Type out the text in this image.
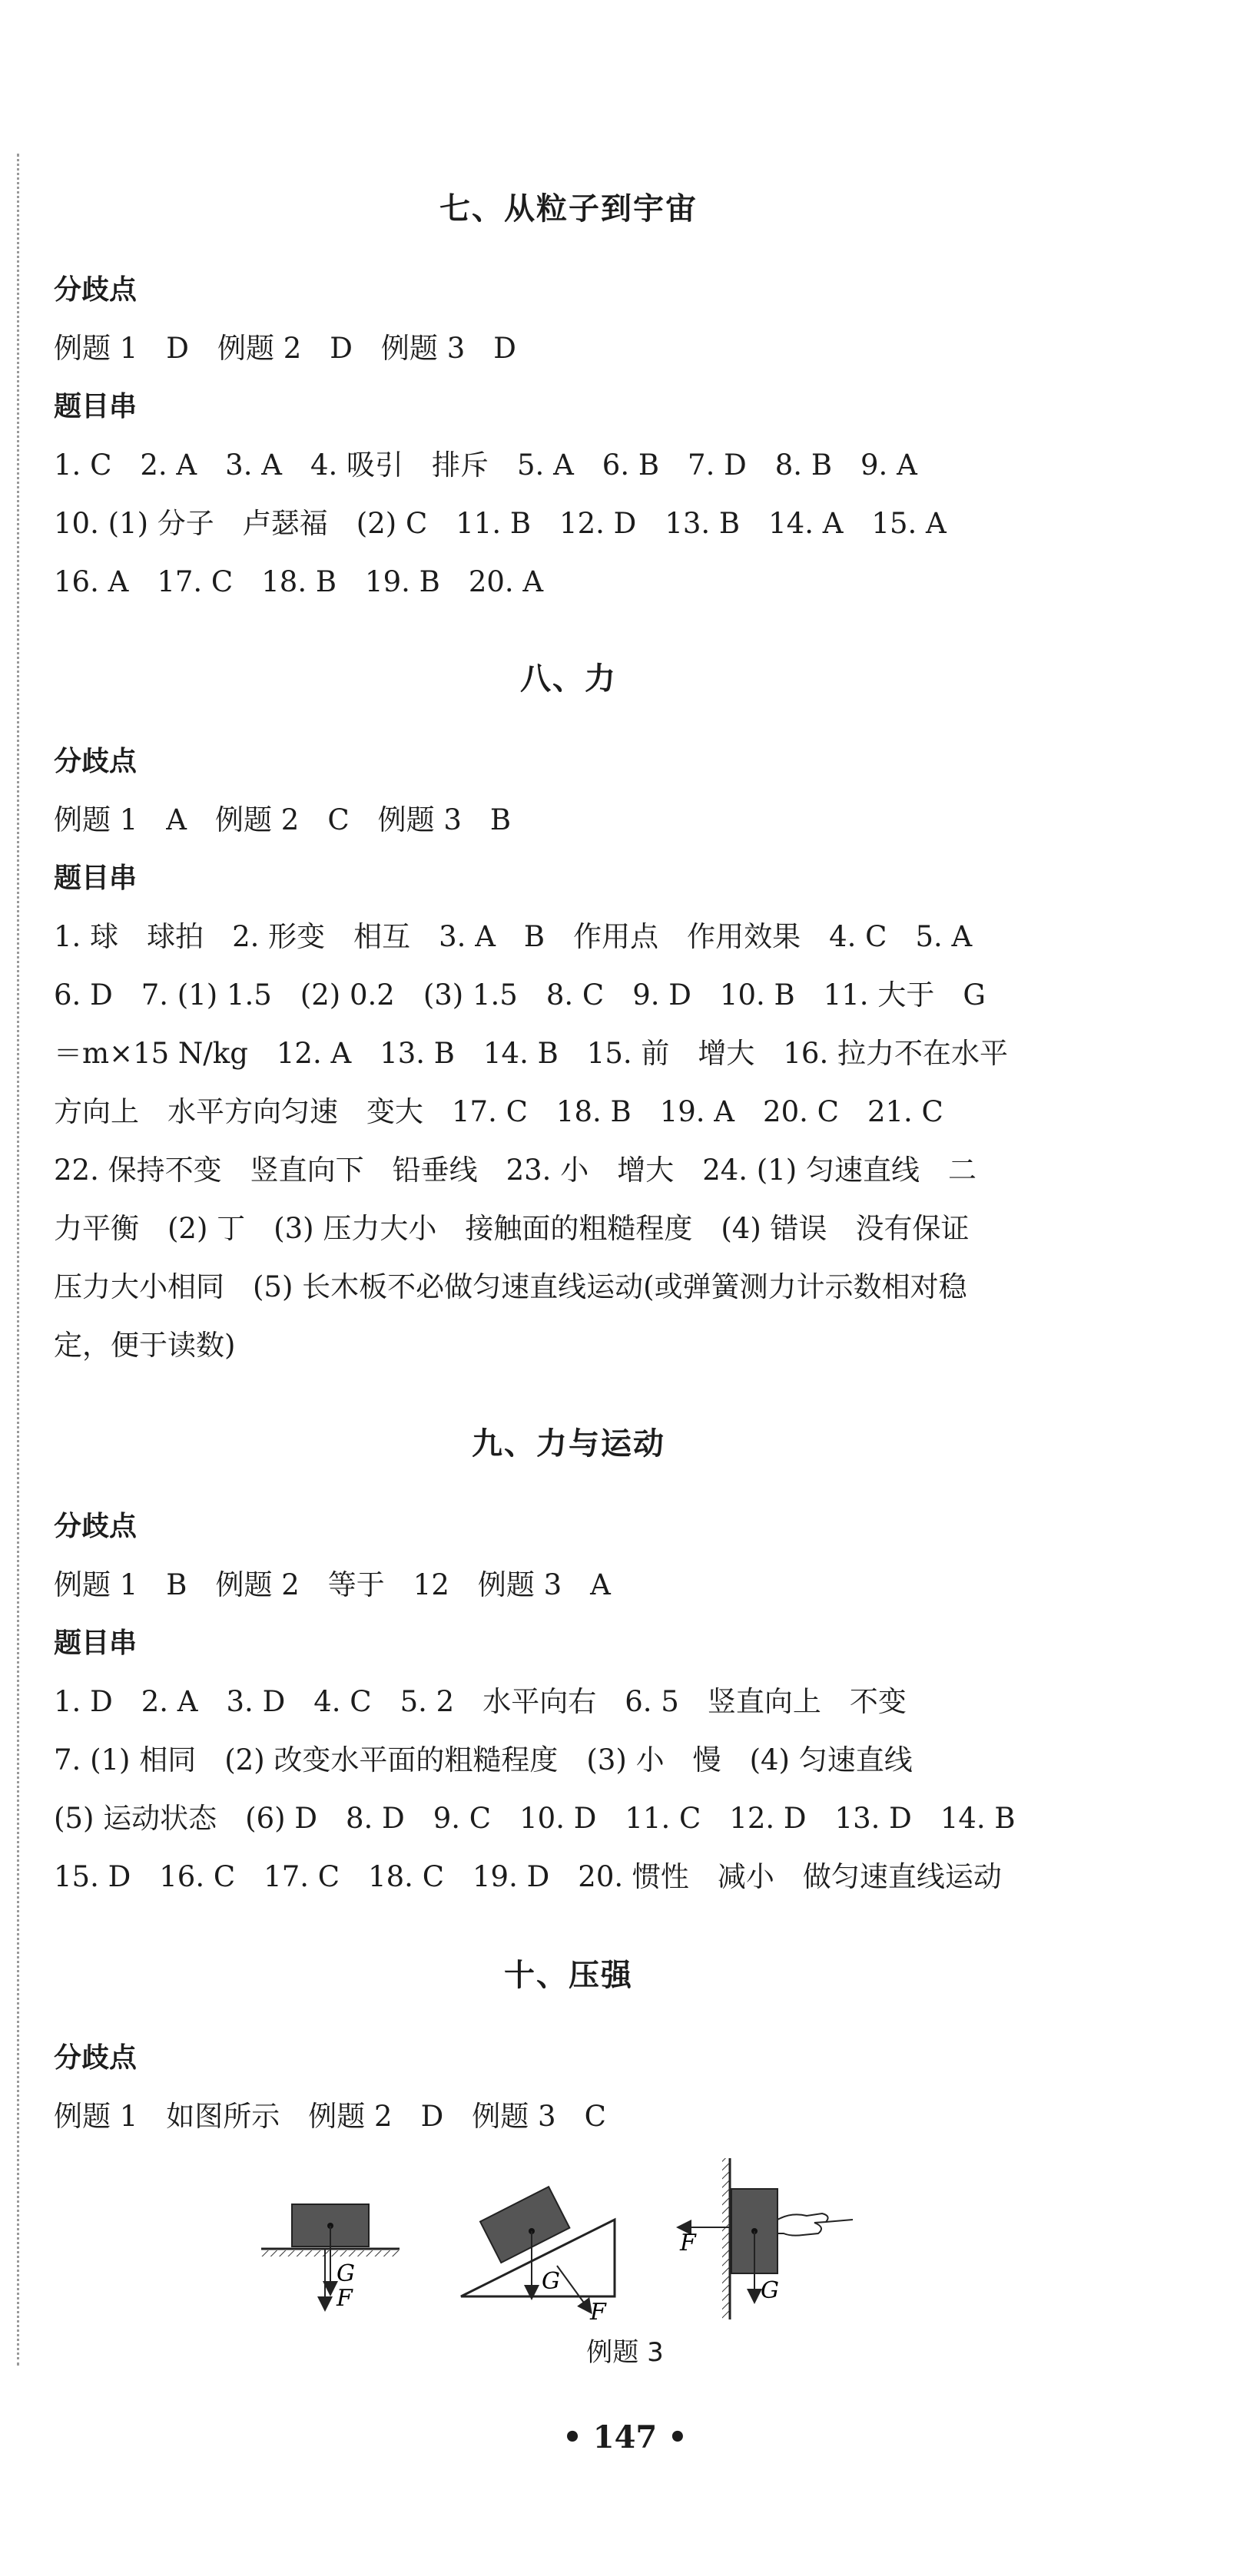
七、从粒子到宇宙
分歧点
例题 1　D　例题 2　D　例题 3　D
题目串
1. C　2. A　3. A　4. 吸引　排斥　5. A　6. B　7. D　8. B　9. A
10. (1) 分子　卢瑟福　(2) C　11. B　12. D　13. B　14. A　15. A
16. A　17. C　18. B　19. B　20. A
八、力
分歧点
例题 1　A　例题 2　C　例题 3　B
题目串
1. 球　球拍　2. 形变　相互　3. A　B　作用点　作用效果　4. C　5. A
6. D　7. (1) 1.5　(2) 0.2　(3) 1.5　8. C　9. D　10. B　11. 大于　G
＝m×15 N/kg　12. A　13. B　14. B　15. 前　增大　16. 拉力不在水平
方向上　水平方向匀速　变大　17. C　18. B　19. A　20. C　21. C
22. 保持不变　竖直向下　铅垂线　23. 小　增大　24. (1) 匀速直线　二
力平衡　(2) 丁　(3) 压力大小　接触面的粗糙程度　(4) 错误　没有保证
压力大小相同　(5) 长木板不必做匀速直线运动(或弹簧测力计示数相对稳
定，便于读数)
九、力与运动
分歧点
例题 1　B　例题 2　等于　12　例题 3　A
题目串
1. D　2. A　3. D　4. C　5. 2　水平向右　6. 5　竖直向上　不变
7. (1) 相同　(2) 改变水平面的粗糙程度　(3) 小　慢　(4) 匀速直线
(5) 运动状态　(6) D　8. D　9. C　10. D　11. C　12. D　13. D　14. B
15. D　16. C　17. C　18. C　19. D　20. 惯性　减小　做匀速直线运动
十、压强
分歧点
例题 1　如图所示　例题 2　D　例题 3　C
G
F
G
F
F
G
例题 3
• 147 •
